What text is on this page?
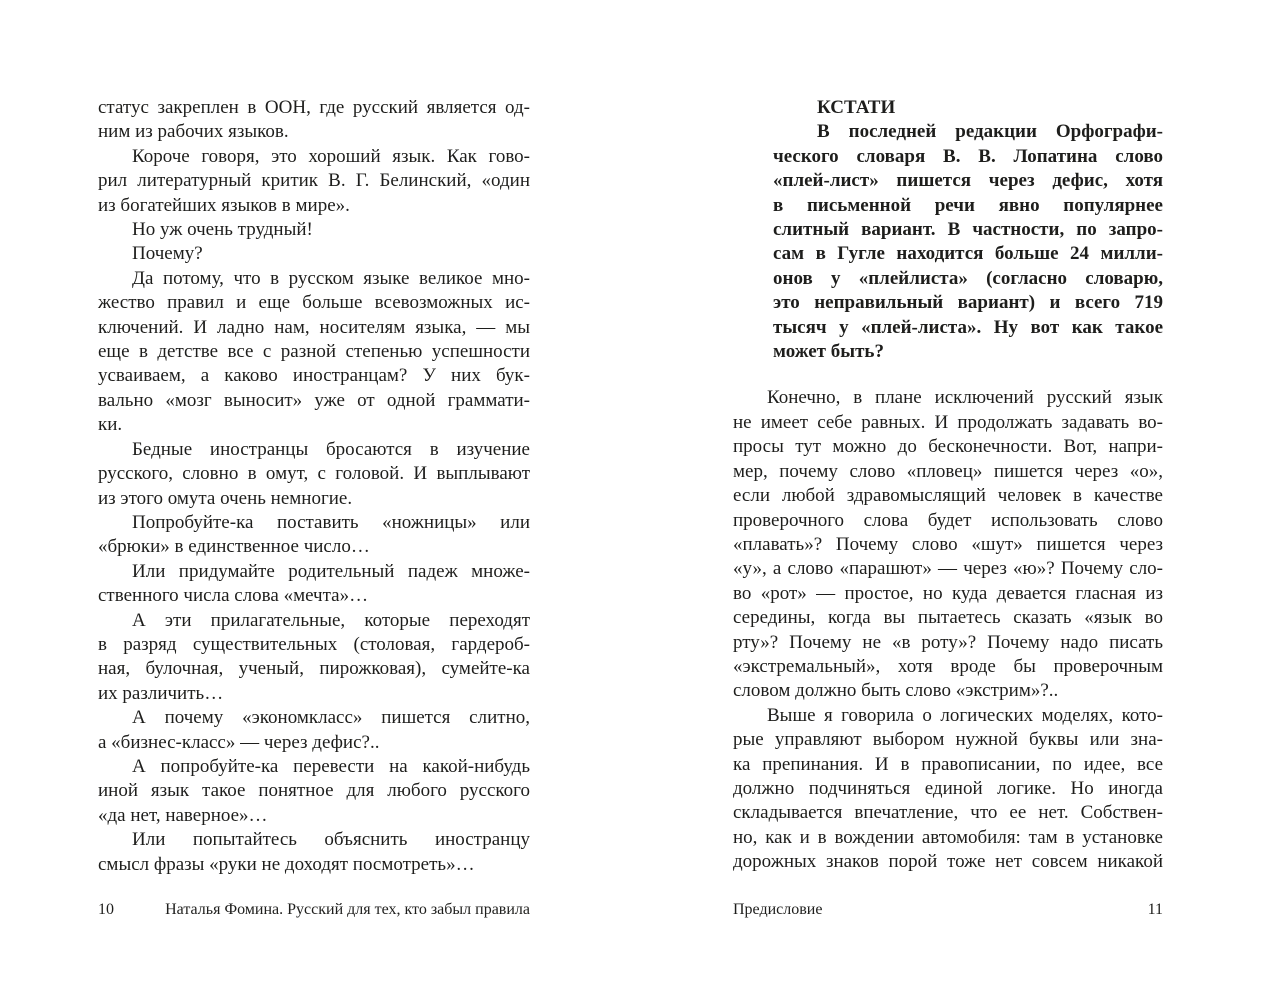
статус закреплен в ООН, где русский является од-
ним из рабочих языков.
Короче говоря, это хороший язык. Как гово-
рил литературный критик В. Г. Белинский, «один
из богатейших языков в мире».
Но уж очень трудный!
Почему?
Да потому, что в русском языке великое мно-
жество правил и еще больше всевозможных ис-
ключений. И ладно нам, носителям языка, — мы
еще в детстве все с разной степенью успешности
усваиваем, а каково иностранцам? У них бук-
вально «мозг выносит» уже от одной граммати-
ки.
Бедные иностранцы бросаются в изучение
русского, словно в омут, с головой. И выплывают
из этого омута очень немногие.
Попробуйте-ка поставить «ножницы» или
«брюки» в единственное число…
Или придумайте родительный падеж множе-
ственного числа слова «мечта»…
А эти прилагательные, которые переходят
в разряд существительных (столовая, гардероб-
ная, булочная, ученый, пирожковая), сумейте-ка
их различить…
А почему «экономкласс» пишется слитно,
а «бизнес-класс» — через дефис?..
А попробуйте-ка перевести на какой-нибудь
иной язык такое понятное для любого русского
«да нет, наверное»…
Или попытайтесь объяснить иностранцу
смысл фразы «руки не доходят посмотреть»…
10	Наталья Фомина. Русский для тех, кто забыл правила
КСТАТИ
В последней редакции Орфографи-
ческого словаря В. В. Лопатина слово
«плей-лист» пишется через дефис, хотя
в письменной речи явно популярнее
слитный вариант. В частности, по запро-
сам в Гугле находится больше 24 милли-
онов у «плейлиста» (согласно словарю,
это неправильный вариант) и всего 719
тысяч у «плей-листа». Ну вот как такое
может быть?
Конечно, в плане исключений русский язык
не имеет себе равных. И продолжать задавать во-
просы тут можно до бесконечности. Вот, напри-
мер, почему слово «пловец» пишется через «о»,
если любой здравомыслящий человек в качестве
проверочного слова будет использовать слово
«плавать»? Почему слово «шут» пишется через
«у», а слово «парашют» — через «ю»? Почему сло-
во «рот» — простое, но куда девается гласная из
середины, когда вы пытаетесь сказать «язык во
рту»? Почему не «в роту»? Почему надо писать
«экстремальный», хотя вроде бы проверочным
словом должно быть слово «экстрим»?..
Выше я говорила о логических моделях, кото-
рые управляют выбором нужной буквы или зна-
ка препинания. И в правописании, по идее, все
должно подчиняться единой логике. Но иногда
складывается впечатление, что ее нет. Собствен-
но, как и в вождении автомобиля: там в установке
дорожных знаков порой тоже нет совсем никакой
Предисловие	11
